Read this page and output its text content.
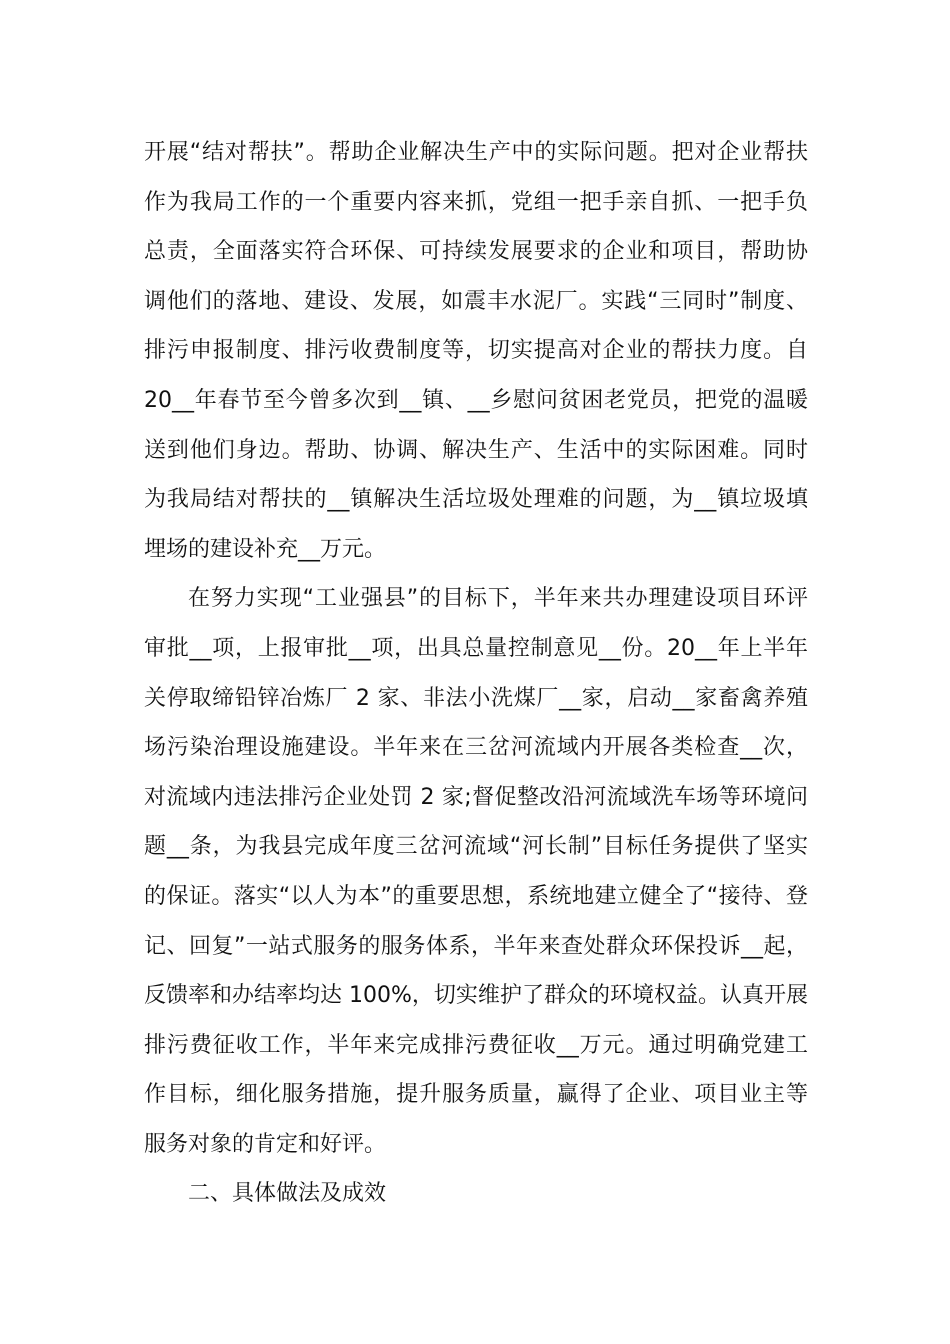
开展“结对帮扶”。帮助企业解决生产中的实际问题。把对企业帮扶
作为我局工作的一个重要内容来抓，党组一把手亲自抓、一把手负
总责，全面落实符合环保、可持续发展要求的企业和项目，帮助协
调他们的落地、建设、发展，如震丰水泥厂。实践“三同时”制度、
排污申报制度、排污收费制度等，切实提高对企业的帮扶力度。自
20__年春节至今曾多次到__镇、__乡慰问贫困老党员，把党的温暖
送到他们身边。帮助、协调、解决生产、生活中的实际困难。同时
为我局结对帮扶的__镇解决生活垃圾处理难的问题，为__镇垃圾填
埋场的建设补充__万元。
在努力实现“工业强县”的目标下，半年来共办理建设项目环评
审批__项，上报审批__项，出具总量控制意见__份。20__年上半年
关停取缔铅锌冶炼厂 2 家、非法小洗煤厂__家，启动__家畜禽养殖
场污染治理设施建设。半年来在三岔河流域内开展各类检查__次，
对流域内违法排污企业处罚 2 家;督促整改沿河流域洗车场等环境问
题__条，为我县完成年度三岔河流域“河长制”目标任务提供了坚实
的保证。落实“以人为本”的重要思想，系统地建立健全了“接待、登
记、回复”一站式服务的服务体系，半年来查处群众环保投诉__起，
反馈率和办结率均达 100%，切实维护了群众的环境权益。认真开展
排污费征收工作，半年来完成排污费征收__万元。通过明确党建工
作目标，细化服务措施，提升服务质量，赢得了企业、项目业主等
服务对象的肯定和好评。
二、具体做法及成效
